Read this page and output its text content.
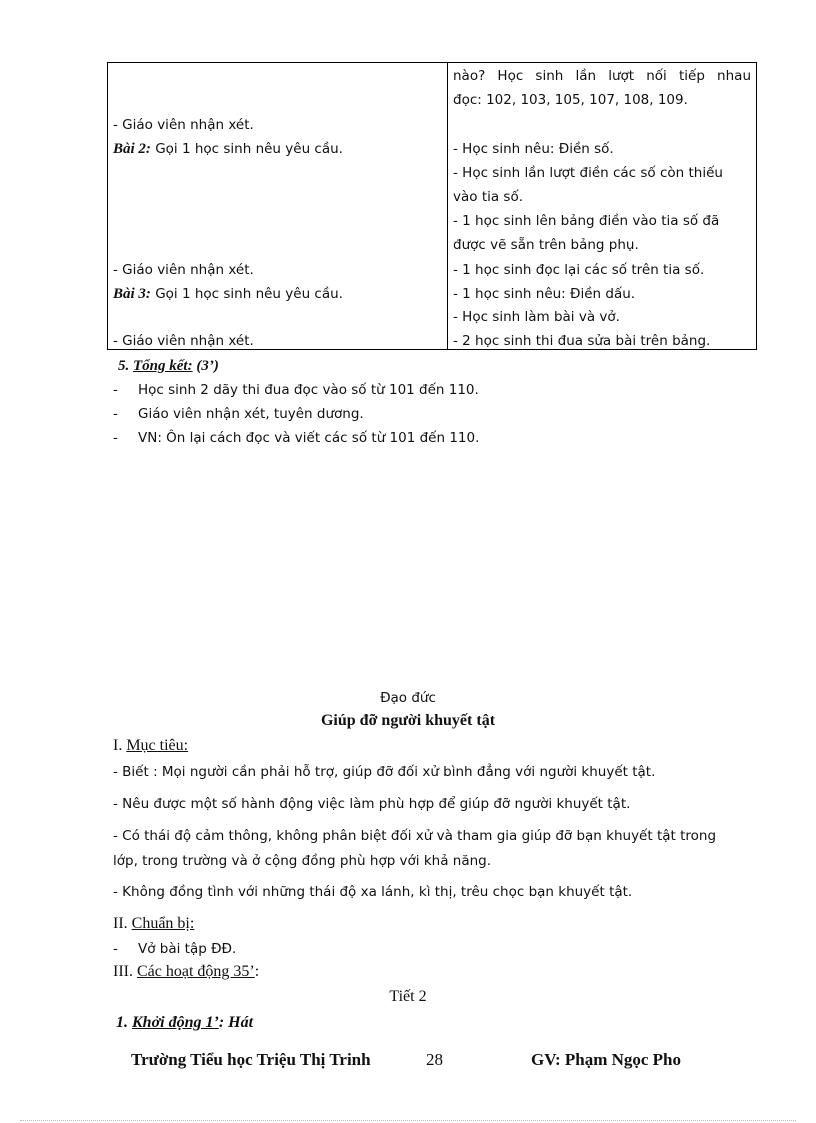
- Giáo viên nhận xét.
Bài 2: Gọi 1 học sinh nêu yêu cầu.
- Giáo viên nhận xét.
Bài 3: Gọi 1 học sinh nêu yêu cầu.
- Giáo viên nhận xét.
nào? Học sinh lần lượt nối tiếp nhau
đọc: 102, 103, 105, 107, 108, 109.
- Học sinh nêu: Điền số.
- Học sinh lần lượt điền các số còn thiếu
vào tia số.
- 1 học sinh lên bảng điền vào tia số đã
được vẽ sẵn trên bảng phụ.
- 1 học sinh đọc lại các số trên tia số.
- 1 học sinh nêu: Điền dấu.
- Học sinh làm bài và vở.
- 2 học sinh thi đua sửa bài trên bảng.
5. Tổng kết: (3’)
- Học sinh 2 dãy thi đua đọc vào số từ 101 đến 110.
- Giáo viên nhận xét, tuyên dương.
- VN: Ôn lại cách đọc và viết các số từ 101 đến 110.
Đạo đức
Giúp đỡ người khuyết tật
I. Mục tiêu:
- Biết : Mọi người cần phải hỗ trợ, giúp đỡ đối xử bình đẳng với người khuyết tật.
- Nêu được một số hành động việc làm phù hợp để giúp đỡ người khuyết tật.
- Có thái độ cảm thông, không phân biệt đối xử và tham gia giúp đỡ bạn khuyết tật trong
lớp, trong trường và ở cộng đồng phù hợp với khả năng.
- Không đồng tình với những thái độ xa lánh, kì thị, trêu chọc bạn khuyết tật.
II. Chuẩn bị:
- Vở bài tập ĐĐ.
III. Các hoạt động 35’:
Tiết 2
1. Khởi động 1’: Hát
Trường Tiểu học Triệu Thị Trinh	28	GV: Phạm Ngọc Pho
